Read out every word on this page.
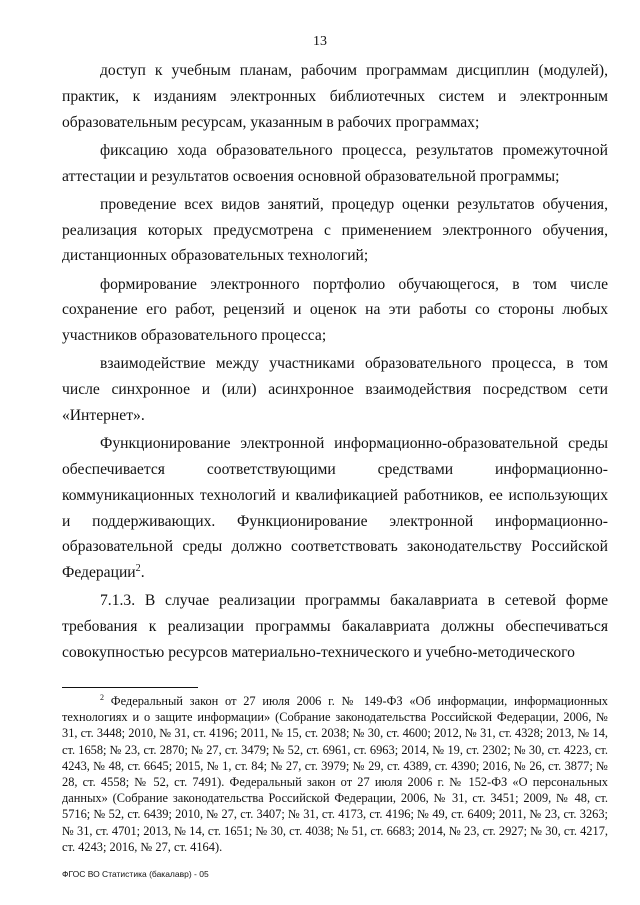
13

доступ к учебным планам, рабочим программам дисциплин (модулей), практик, к изданиям электронных библиотечных систем и электронным образовательным ресурсам, указанным в рабочих программах;

фиксацию хода образовательного процесса, результатов промежуточной аттестации и результатов освоения основной образовательной программы;

проведение всех видов занятий, процедур оценки результатов обучения, реализация которых предусмотрена с применением электронного обучения, дистанционных образовательных технологий;

формирование электронного портфолио обучающегося, в том числе сохранение его работ, рецензий и оценок на эти работы со стороны любых участников образовательного процесса;

взаимодействие между участниками образовательного процесса, в том числе синхронное и (или) асинхронное взаимодействия посредством сети «Интернет».

Функционирование электронной информационно-образовательной среды обеспечивается соответствующими средствами информационно-коммуникационных технологий и квалификацией работников, ее использующих и поддерживающих. Функционирование электронной информационно-образовательной среды должно соответствовать законодательству Российской Федерации$^2$.

7.1.3. В случае реализации программы бакалавриата в сетевой форме требования к реализации программы бакалавриата должны обеспечиваться совокупностью ресурсов материально-технического и учебно-методического

$^2$ Федеральный закон от 27 июля 2006 г. № 149-ФЗ «Об информации, информационных технологиях и о защите информации» (Собрание законодательства Российской Федерации, 2006, № 31, ст. 3448; 2010, № 31, ст. 4196; 2011, № 15, ст. 2038; № 30, ст. 4600; 2012, № 31, ст. 4328; 2013, № 14, ст. 1658; № 23, ст. 2870; № 27, ст. 3479; № 52, ст. 6961, ст. 6963; 2014, № 19, ст. 2302; № 30, ст. 4223, ст. 4243, № 48, ст. 6645; 2015, № 1, ст. 84; № 27, ст. 3979; № 29, ст. 4389, ст. 4390; 2016, № 26, ст. 3877; № 28, ст. 4558; № 52, ст. 7491). Федеральный закон от 27 июля 2006 г. № 152-ФЗ «О персональных данных» (Собрание законодательства Российской Федерации, 2006, № 31, ст. 3451; 2009, № 48, ст. 5716; № 52, ст. 6439; 2010, № 27, ст. 3407; № 31, ст. 4173, ст. 4196; № 49, ст. 6409; 2011, № 23, ст. 3263; № 31, ст. 4701; 2013, № 14, ст. 1651; № 30, ст. 4038; № 51, ст. 6683; 2014, № 23, ст. 2927; № 30, ст. 4217, ст. 4243; 2016, № 27, ст. 4164).

ФГОС ВО Статистика (бакалавр) - 05
